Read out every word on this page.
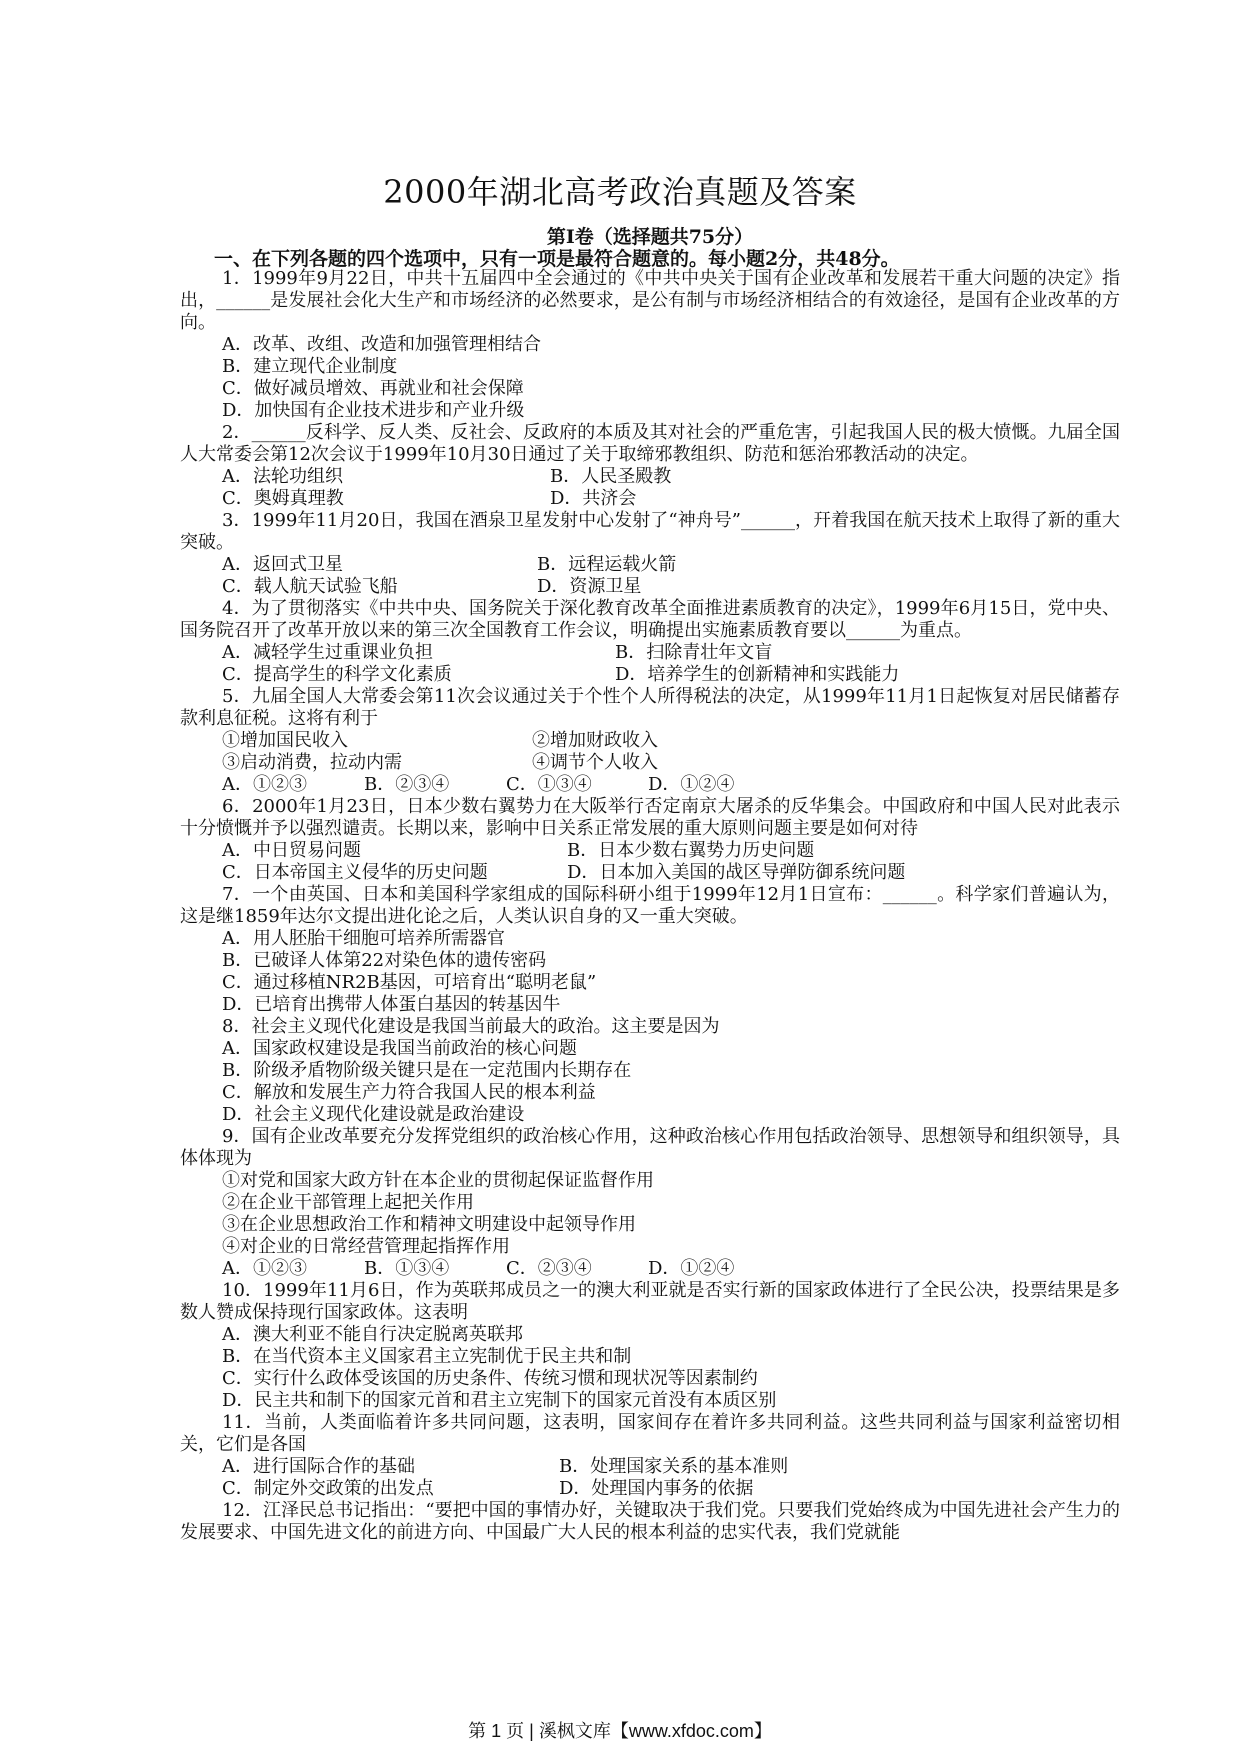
2000年湖北高考政治真题及答案
第Ⅰ卷（选择题共75分）
一、在下列各题的四个选项中，只有一项是最符合题意的。每小题2分，共48分。

1．1999年9月22日，中共十五届四中全会通过的《中共中央关于国有企业改革和发展若干重大问题的决定》指出，______是发展社会化大生产和市场经济的必然要求，是公有制与市场经济相结合的有效途径，是国有企业改革的方向。

A．改革、改组、改造和加强管理相结合

B．建立现代企业制度

C．做好减员增效、再就业和社会保障

D．加快国有企业技术进步和产业升级

2．______反科学、反人类、反社会、反政府的本质及其对社会的严重危害，引起我国人民的极大愤慨。九届全国人大常委会第12次会议于1999年10月30日通过了关于取缔邪教组织、防范和惩治邪教活动的决定。

A．法轮功组织	B．人民圣殿教

C．奥姆真理教	D．共济会

3．1999年11月20日，我国在酒泉卫星发射中心发射了“神舟号”______，幵着我国在航天技术上取得了新的重大突破。

A．返回式卫星	B．远程运载火箭

C．载人航天试验飞船	D．资源卫星

4．为了贯彻落实《中共中央、国务院关于深化教育改革全面推进素质教育的决定》，1999年6月15日，党中央、国务院召开了改革开放以来的第三次全国教育工作会议，明确提出实施素质教育要以______为重点。

A．减轻学生过重课业负担	B．扫除青壮年文盲

C．提高学生的科学文化素质	D．培养学生的创新精神和实践能力

5．九届全国人大常委会第11次会议通过关于个性个人所得税法的决定，从1999年11月1日起恢复对居民储蓄存款利息征税。这将有利于

①增加国民收入	②增加财政收入

③启动消费，拉动内需	④调节个人收入

A．①②③	B．②③④	C．①③④	D．①②④

6．2000年1月23日，日本少数右翼势力在大阪举行否定南京大屠杀的反华集会。中国政府和中国人民对此表示十分愤慨并予以强烈谴责。长期以来，影响中日关系正常发展的重大原则问题主要是如何对待

A．中日贸易问题	B．日本少数右翼势力历史问题

C．日本帝国主义侵华的历史问题	D．日本加入美国的战区导弹防御系统问题

7．一个由英国、日本和美国科学家组成的国际科研小组于1999年12月1日宣布：______。科学家们普遍认为，这是继1859年达尔文提出进化论之后，人类认识自身的又一重大突破。

A．用人胚胎干细胞可培养所需器官

B．已破译人体第22对染色体的遗传密码

C．通过移植NR2B基因，可培育出“聪明老鼠”

D．已培育出携带人体蛋白基因的转基因牛

8．社会主义现代化建设是我国当前最大的政治。这主要是因为

A．国家政权建设是我国当前政治的核心问题

B．阶级矛盾物阶级关键只是在一定范围内长期存在

C．解放和发展生产力符合我国人民的根本利益

D．社会主义现代化建设就是政治建设

9．国有企业改革要充分发挥党组织的政治核心作用，这种政治核心作用包括政治领导、思想领导和组织领导，具体体现为

①对党和国家大政方针在本企业的贯彻起保证监督作用

②在企业干部管理上起把关作用

③在企业思想政治工作和精神文明建设中起领导作用

④对企业的日常经营管理起指挥作用

A．①②③	B．①③④	C．②③④	D．①②④

10．1999年11月6日，作为英联邦成员之一的澳大利亚就是否实行新的国家政体进行了全民公决，投票结果是多数人赞成保持现行国家政体。这表明

A．澳大利亚不能自行决定脱离英联邦

B．在当代资本主义国家君主立宪制优于民主共和制

C．实行什么政体受该国的历史条件、传统习惯和现状况等因素制约

D．民主共和制下的国家元首和君主立宪制下的国家元首没有本质区别

11．当前，人类面临着许多共同问题，这表明，国家间存在着许多共同利益。这些共同利益与国家利益密切相关，它们是各国

A．进行国际合作的基础	B．处理国家关系的基本准则

C．制定外交政策的出发点	D．处理国内事务的依据

12．江泽民总书记指出：“要把中国的事情办好，关键取决于我们党。只要我们党始终成为中国先进社会产生力的发展要求、中国先进文化的前进方向、中国最广大人民的根本利益的忠实代表，我们党就能

第 1 页 | 溪枫文库【www.xfdoc.com】
